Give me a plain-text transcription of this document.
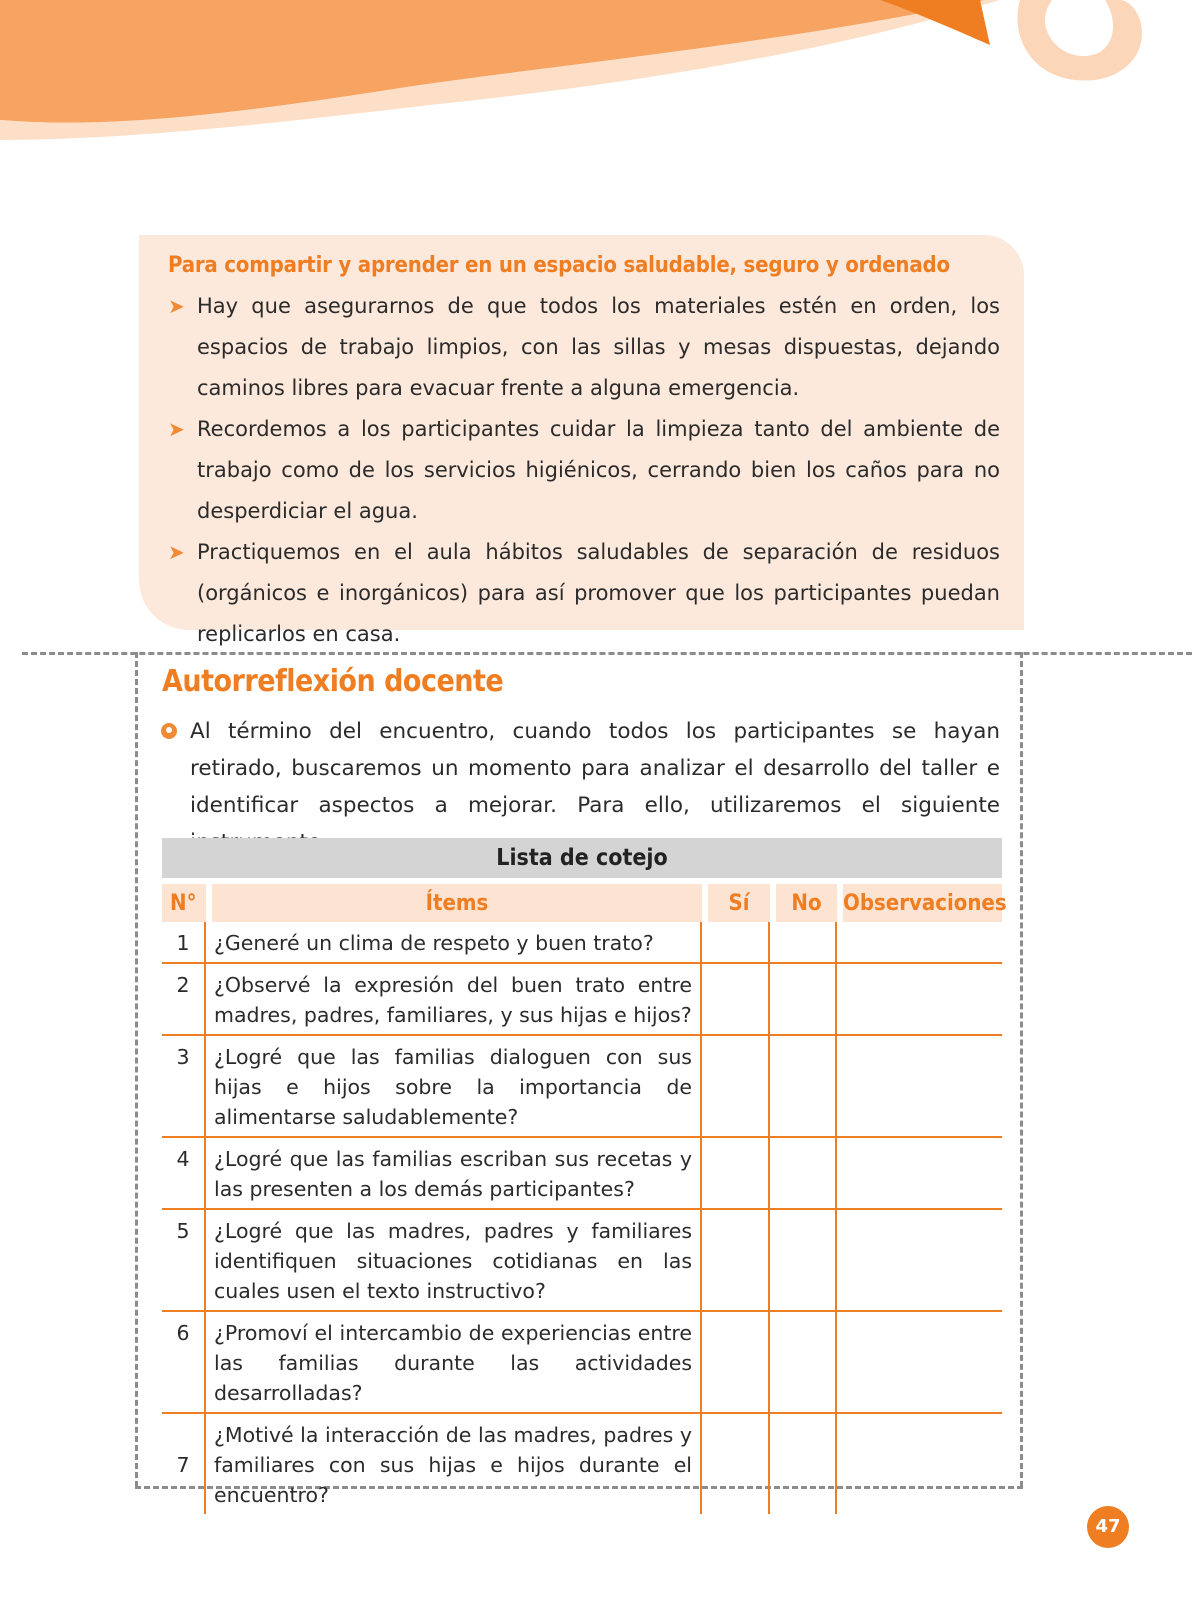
Para compartir y aprender en un espacio saludable, seguro y ordenado
➤ Hay que asegurarnos de que todos los materiales estén en orden, los espacios de trabajo limpios, con las sillas y mesas dispuestas, dejando caminos libres para evacuar frente a alguna emergencia.
➤ Recordemos a los participantes cuidar la limpieza tanto del ambiente de trabajo como de los servicios higiénicos, cerrando bien los caños para no desperdiciar el agua.
➤ Practiquemos en el aula hábitos saludables de separación de residuos (orgánicos e inorgánicos) para así promover que los participantes puedan replicarlos en casa.
Autorreflexión docente
Al término del encuentro, cuando todos los participantes se hayan retirado, buscaremos un momento para analizar el desarrollo del taller e identificar aspectos a mejorar. Para ello, utilizaremos el siguiente
Lista de cotejo
N°	Ítems	Sí	No	Observaciones
1	¿Generé un clima de respeto y buen trato?			
2	¿Observé la expresión del buen trato entre madres, padres, familiares, y sus hijas e hijos?			
3	¿Logré que las familias dialoguen con sus hijas e hijos sobre la importancia de alimentarse saludablemente?			
4	¿Logré que las familias escriban sus recetas y las presenten a los demás participantes?			
5	¿Logré que las madres, padres y familiares identifiquen situaciones cotidianas en las cuales usen el texto instructivo?			
6	¿Promoví el intercambio de experiencias entre las familias durante las actividades desarrolladas?			
7	¿Motivé la interacción de las madres, padres y familiares con sus hijas e hijos durante el encuentro?			
47
